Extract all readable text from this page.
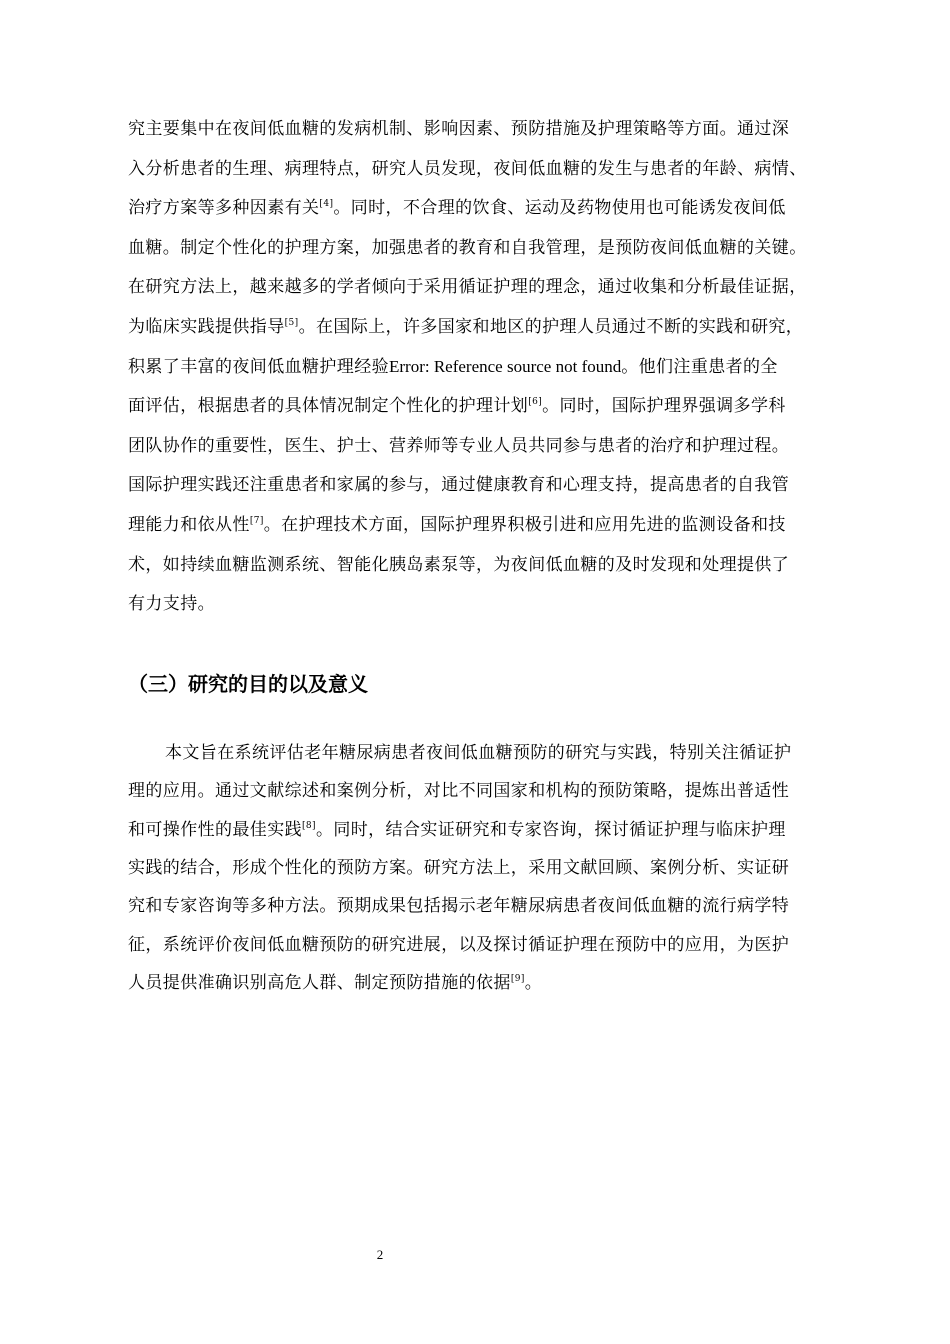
究主要集中在夜间低血糖的发病机制、影响因素、预防措施及护理策略等方面。通过深
入分析患者的生理、病理特点，研究人员发现，夜间低血糖的发生与患者的年龄、病情、
治疗方案等多种因素有关[4]。同时，不合理的饮食、运动及药物使用也可能诱发夜间低
血糖。制定个性化的护理方案，加强患者的教育和自我管理，是预防夜间低血糖的关键。
在研究方法上，越来越多的学者倾向于采用循证护理的理念，通过收集和分析最佳证据，
为临床实践提供指导[5]。在国际上，许多国家和地区的护理人员通过不断的实践和研究，
积累了丰富的夜间低血糖护理经验Error: Reference source not found。他们注重患者的全
面评估，根据患者的具体情况制定个性化的护理计划[6]。同时，国际护理界强调多学科
团队协作的重要性，医生、护士、营养师等专业人员共同参与患者的治疗和护理过程。
国际护理实践还注重患者和家属的参与，通过健康教育和心理支持，提高患者的自我管
理能力和依从性[7]。在护理技术方面，国际护理界积极引进和应用先进的监测设备和技
术，如持续血糖监测系统、智能化胰岛素泵等，为夜间低血糖的及时发现和处理提供了
有力支持。
（三）研究的目的以及意义
本文旨在系统评估老年糖尿病患者夜间低血糖预防的研究与实践，特别关注循证护
理的应用。通过文献综述和案例分析，对比不同国家和机构的预防策略，提炼出普适性
和可操作性的最佳实践[8]。同时，结合实证研究和专家咨询，探讨循证护理与临床护理
实践的结合，形成个性化的预防方案。研究方法上，采用文献回顾、案例分析、实证研
究和专家咨询等多种方法。预期成果包括揭示老年糖尿病患者夜间低血糖的流行病学特
征，系统评价夜间低血糖预防的研究进展，以及探讨循证护理在预防中的应用，为医护
人员提供准确识别高危人群、制定预防措施的依据[9]。
2
